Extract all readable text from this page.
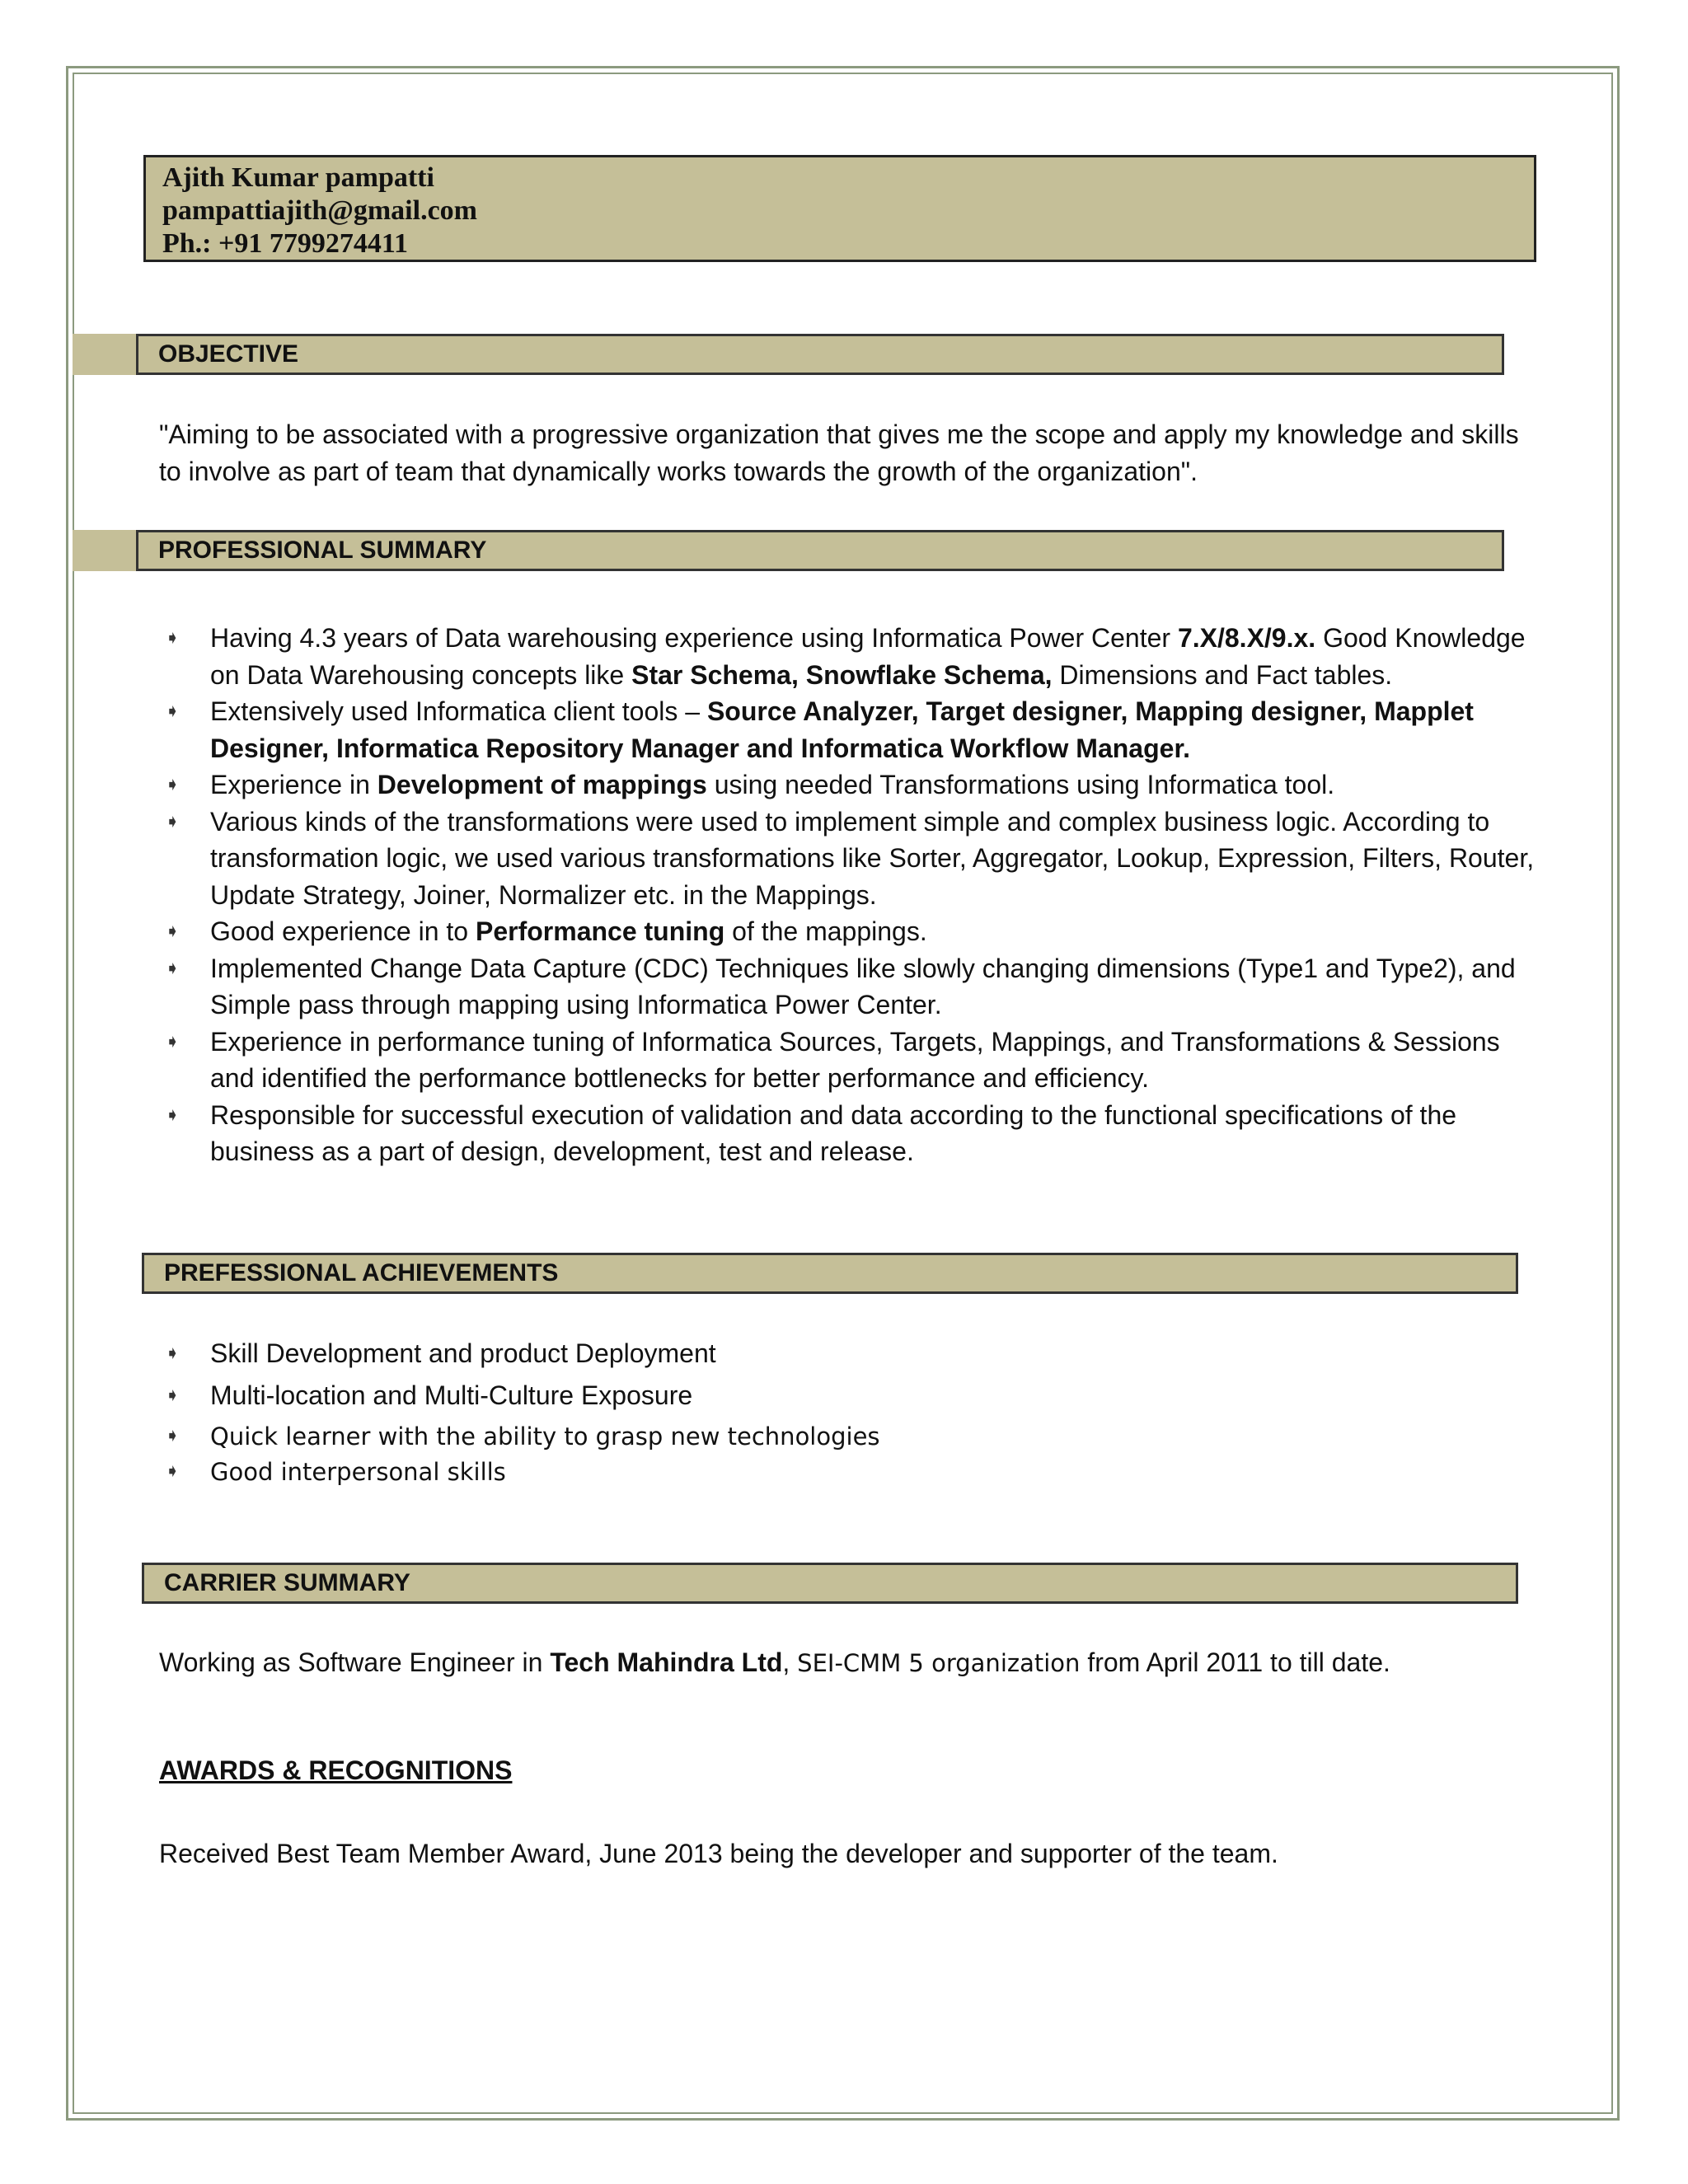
Ajith Kumar pampatti
pampattiajith@gmail.com
Ph.: +91 7799274411
OBJECTIVE
"Aiming to be associated with a progressive organization that gives me the scope and apply my knowledge and skills to involve as part of team that dynamically works towards the growth of the organization".
PROFESSIONAL SUMMARY
➧ Having 4.3 years of Data warehousing experience using Informatica Power Center 7.X/8.X/9.x. Good Knowledge on Data Warehousing concepts like Star Schema, Snowflake Schema, Dimensions and Fact tables.
➧ Extensively used Informatica client tools – Source Analyzer, Target designer, Mapping designer, Mapplet Designer, Informatica Repository Manager and Informatica Workflow Manager.
➧ Experience in Development of mappings using needed Transformations using Informatica tool.
➧ Various kinds of the transformations were used to implement simple and complex business logic. According to transformation logic, we used various transformations like Sorter, Aggregator, Lookup, Expression, Filters, Router, Update Strategy, Joiner, Normalizer etc. in the Mappings.
➧ Good experience in to Performance tuning of the mappings.
➧ Implemented Change Data Capture (CDC) Techniques like slowly changing dimensions (Type1 and Type2), and Simple pass through mapping using Informatica Power Center.
➧ Experience in performance tuning of Informatica Sources, Targets, Mappings, and Transformations & Sessions and identified the performance bottlenecks for better performance and efficiency.
➧ Responsible for successful execution of validation and data according to the functional specifications of the business as a part of design, development, test and release.
PREFESSIONAL ACHIEVEMENTS
➧ Skill Development and product Deployment
➧ Multi-location and Multi-Culture Exposure
➧ Quick learner with the ability to grasp new technologies
➧ Good interpersonal skills
CARRIER SUMMARY
Working as Software Engineer in Tech Mahindra Ltd, SEI-CMM 5 organization from April 2011 to till date.
AWARDS & RECOGNITIONS
Received Best Team Member Award, June 2013 being the developer and supporter of the team.
